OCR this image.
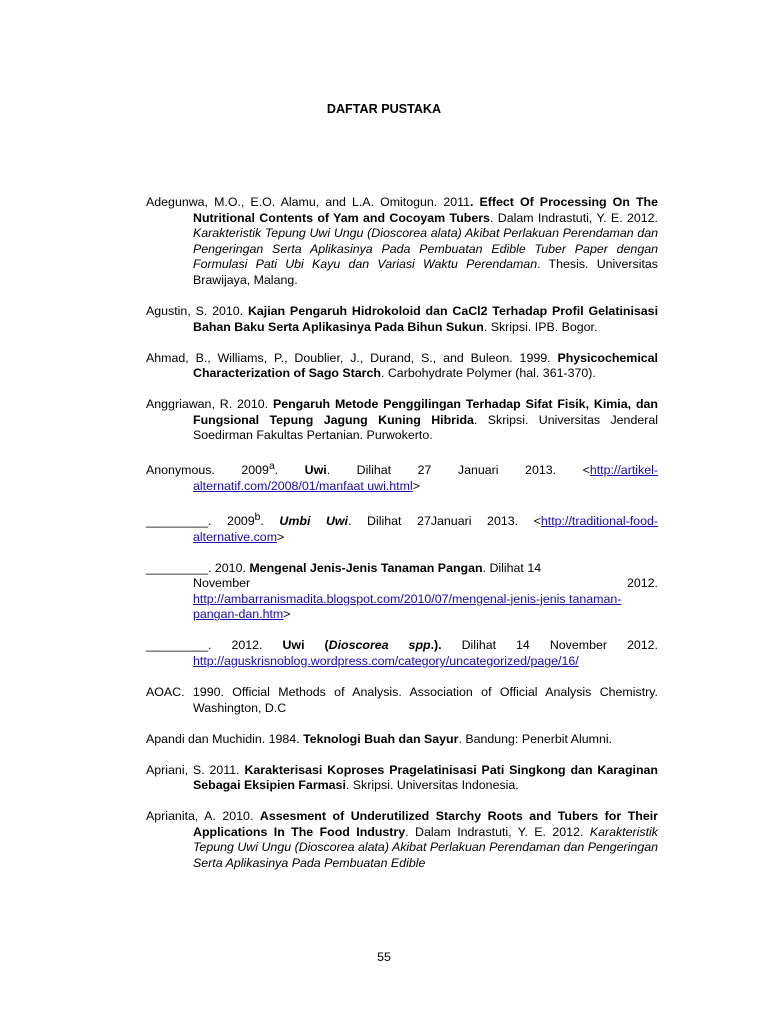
DAFTAR PUSTAKA

Adegunwa, M.O., E.O. Alamu, and L.A. Omitogun. 2011. Effect Of Processing On The Nutritional Contents of Yam and Cocoyam Tubers. Dalam Indrastuti, Y. E. 2012. Karakteristik Tepung Uwi Ungu (Dioscorea alata) Akibat Perlakuan Perendaman dan Pengeringan Serta Aplikasinya Pada Pembuatan Edible Tuber Paper dengan Formulasi Pati Ubi Kayu dan Variasi Waktu Perendaman. Thesis. Universitas Brawijaya, Malang.

Agustin, S. 2010. Kajian Pengaruh Hidrokoloid dan CaCl2 Terhadap Profil Gelatinisasi Bahan Baku Serta Aplikasinya Pada Bihun Sukun. Skripsi. IPB. Bogor.

Ahmad, B., Williams, P., Doublier, J., Durand, S., and Buleon. 1999. Physicochemical Characterization of Sago Starch. Carbohydrate Polymer (hal. 361-370).

Anggriawan, R. 2010. Pengaruh Metode Penggilingan Terhadap Sifat Fisik, Kimia, dan Fungsional Tepung Jagung Kuning Hibrida. Skripsi. Universitas Jenderal Soedirman Fakultas Pertanian. Purwokerto.

Anonymous. 2009$^a$. Uwi. Dilihat 27 Januari 2013. <http://artikel-alternatif.com/2008/01/manfaat uwi.html>

_________. 2009$^b$. Umbi Uwi. Dilihat 27Januari 2013. <http://traditional-food-alternative.com>

_________. 2010. Mengenal Jenis-Jenis Tanaman Pangan. Dilihat 14
November	2012.
http://ambarranismadita.blogspot.com/2010/07/mengenal-jenis-jenis tanaman-pangan-dan.htm>

_________. 2012. Uwi (Dioscorea spp.). Dilihat 14 November 2012. http://aguskrisnoblog.wordpress.com/category/uncategorized/page/16/

AOAC. 1990. Official Methods of Analysis. Association of Official Analysis Chemistry. Washington, D.C

Apandi dan Muchidin. 1984. Teknologi Buah dan Sayur. Bandung: Penerbit Alumni.

Apriani, S. 2011. Karakterisasi Koproses Pragelatinisasi Pati Singkong dan Karaginan Sebagai Eksipien Farmasi. Skripsi. Universitas Indonesia.

Aprianita, A. 2010. Assesment of Underutilized Starchy Roots and Tubers for Their Applications In The Food Industry. Dalam Indrastuti, Y. E. 2012. Karakteristik Tepung Uwi Ungu (Dioscorea alata) Akibat Perlakuan Perendaman dan Pengeringan Serta Aplikasinya Pada Pembuatan Edible

55
